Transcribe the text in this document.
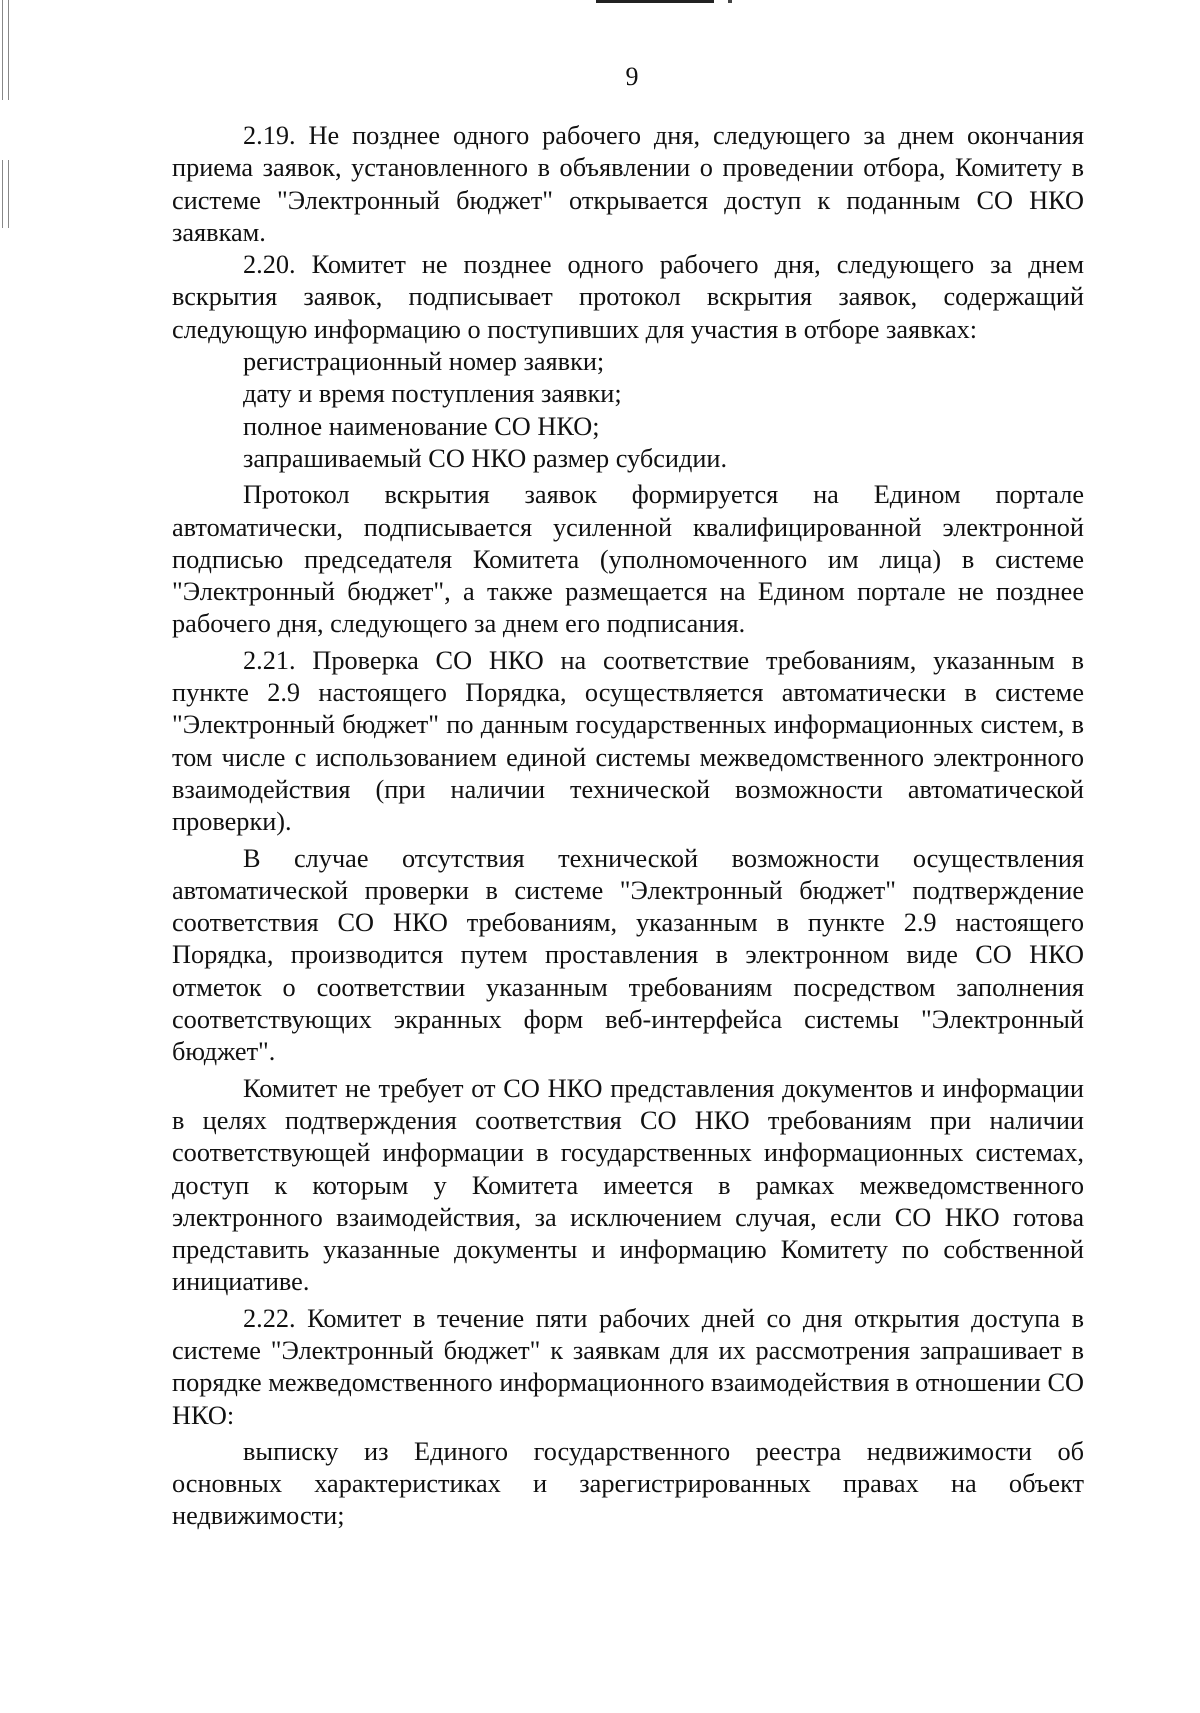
9

2.19. Не позднее одного рабочего дня, следующего за днем окончания приема заявок, установленного в объявлении о проведении отбора, Комитету в системе "Электронный бюджет" открывается доступ к поданным СО НКО заявкам.

2.20. Комитет не позднее одного рабочего дня, следующего за днем вскрытия заявок, подписывает протокол вскрытия заявок, содержащий следующую информацию о поступивших для участия в отборе заявках:

регистрационный номер заявки;

дату и время поступления заявки;

полное наименование СО НКО;

запрашиваемый СО НКО размер субсидии.

Протокол вскрытия заявок формируется на Едином портале автоматически, подписывается усиленной квалифицированной электронной подписью председателя Комитета (уполномоченного им лица) в системе "Электронный бюджет", а также размещается на Едином портале не позднее рабочего дня, следующего за днем его подписания.

2.21. Проверка СО НКО на соответствие требованиям, указанным в пункте 2.9 настоящего Порядка, осуществляется автоматически в системе "Электронный бюджет" по данным государственных информационных систем, в том числе с использованием единой системы межведомственного электронного взаимодействия (при наличии технической возможности автоматической проверки).

В случае отсутствия технической возможности осуществления автоматической проверки в системе "Электронный бюджет" подтверждение соответствия СО НКО требованиям, указанным в пункте 2.9 настоящего Порядка, производится путем проставления в электронном виде СО НКО отметок о соответствии указанным требованиям посредством заполнения соответствующих экранных форм веб-интерфейса системы "Электронный бюджет".

Комитет не требует от СО НКО представления документов и информации в целях подтверждения соответствия СО НКО требованиям при наличии соответствующей информации в государственных информационных системах, доступ к которым у Комитета имеется в рамках межведомственного электронного взаимодействия, за исключением случая, если СО НКО готова представить указанные документы и информацию Комитету по собственной инициативе.

2.22. Комитет в течение пяти рабочих дней со дня открытия доступа в системе "Электронный бюджет" к заявкам для их рассмотрения запрашивает в порядке межведомственного информационного взаимодействия в отношении СО НКО:

выписку из Единого государственного реестра недвижимости об основных характеристиках и зарегистрированных правах на объект недвижимости;
